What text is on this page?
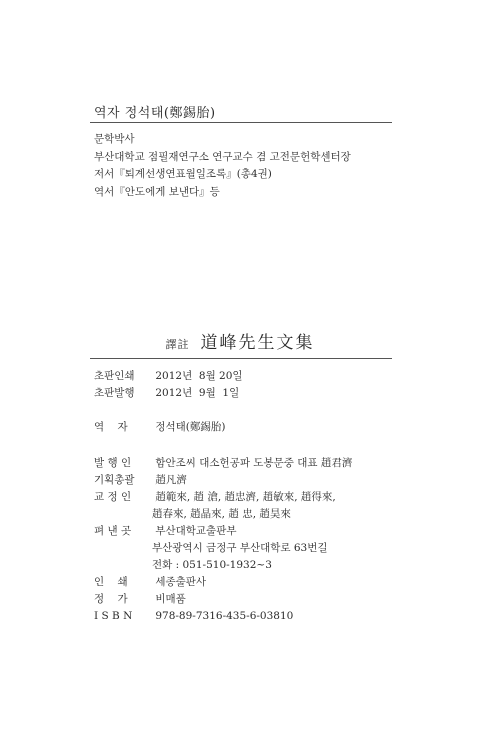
역자 정석태(鄭錫胎)
문학박사
부산대학교 점필재연구소 연구교수 겸 고전문헌학센터장
저서『퇴계선생연표월일조록』(총4권)
역서『안도에게 보낸다』등
譯註 道峰先生文集
초판인쇄 2012년  8월 20일
초판발행 2012년  9월  1일
역    자	정석태(鄭錫胎)
발 행 인 함안조씨 대소헌공파 도봉문중 대표 趙君濟
기획총괄 趙凡濟
교 정 인 趙範來, 趙 滄, 趙忠濟, 趙敏來, 趙得來,
趙春來, 趙晶來, 趙 忠, 趙昊來
펴 낸 곳 부산대학교출판부
부산광역시 금정구 부산대학로 63번길
전화 : 051-510-1932~3
인    쇄	세종출판사
정    가	비매품
I S B N 978-89-7316-435-6-03810
